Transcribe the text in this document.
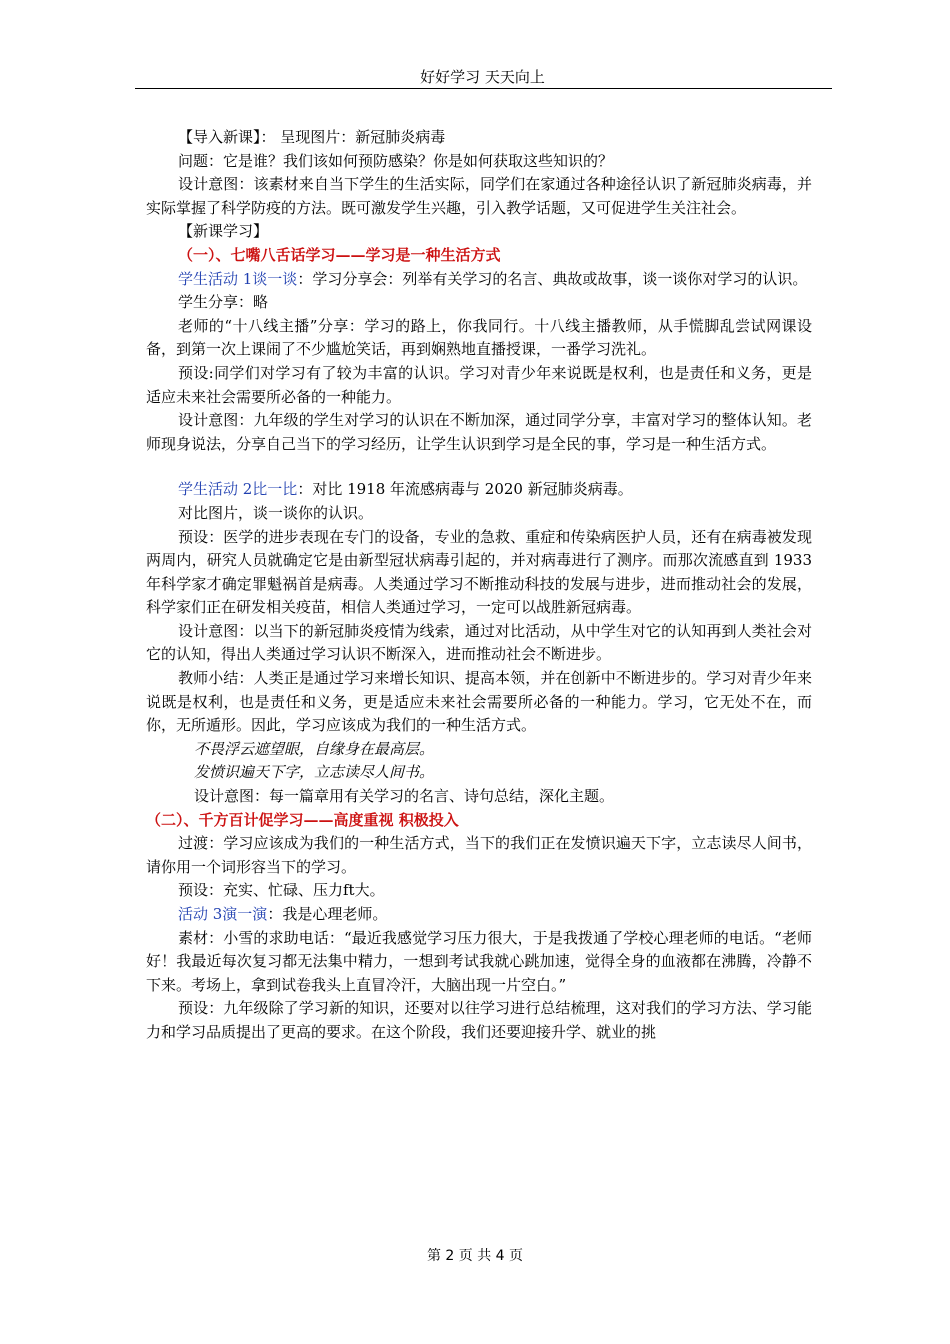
好好学习 天天向上

【导入新课】： 呈现图片：新冠肺炎病毒

问题：它是谁？我们该如何预防感染？你是如何获取这些知识的？

设计意图：该素材来自当下学生的生活实际，同学们在家通过各种途径认识了新冠肺炎病毒，并实际掌握了科学防疫的方法。既可激发学生兴趣，引入教学话题，又可促进学生关注社会。

【新课学习】

（一）、七嘴八舌话学习——学习是一种生活方式

学生活动 1谈一谈：学习分享会：列举有关学习的名言、典故或故事，谈一谈你对学习的认识。

学生分享：略

老师的“十八线主播”分享：学习的路上，你我同行。十八线主播教师，从手慌脚乱尝试网课设备，到第一次上课闹了不少尴尬笑话，再到娴熟地直播授课，一番学习洗礼。

预设:同学们对学习有了较为丰富的认识。学习对青少年来说既是权利，也是责任和义务，更是适应未来社会需要所必备的一种能力。

设计意图：九年级的学生对学习的认识在不断加深，通过同学分享，丰富对学习的整体认知。老师现身说法，分享自己当下的学习经历，让学生认识到学习是全民的事，学习是一种生活方式。

学生活动 2比一比：对比 1918 年流感病毒与 2020 新冠肺炎病毒。

对比图片，谈一谈你的认识。

预设：医学的进步表现在专门的设备，专业的急救、重症和传染病医护人员，还有在病毒被发现两周内，研究人员就确定它是由新型冠状病毒引起的，并对病毒进行了测序。而那次流感直到 1933 年科学家才确定罪魁祸首是病毒。人类通过学习不断推动科技的发展与进步，进而推动社会的发展，科学家们正在研发相关疫苗，相信人类通过学习，一定可以战胜新冠病毒。

设计意图：以当下的新冠肺炎疫情为线索，通过对比活动，从中学生对它的认知再到人类社会对它的认知，得出人类通过学习认识不断深入，进而推动社会不断进步。

教师小结：人类正是通过学习来增长知识、提高本领，并在创新中不断进步的。学习对青少年来说既是权利，也是责任和义务，更是适应未来社会需要所必备的一种能力。学习，它无处不在，而你，无所遁形。因此，学习应该成为我们的一种生活方式。

不畏浮云遮望眼，自缘身在最高层。

发愤识遍天下字，立志读尽人间书。

设计意图：每一篇章用有关学习的名言、诗句总结，深化主题。

（二）、千方百计促学习——高度重视 积极投入

过渡：学习应该成为我们的一种生活方式，当下的我们正在发愤识遍天下字，立志读尽人间书，请你用一个词形容当下的学习。

预设：充实、忙碌、压力ft大。

活动 3演一演：我是心理老师。

素材：小雪的求助电话：“最近我感觉学习压力很大，于是我拨通了学校心理老师的电话。“老师好！我最近每次复习都无法集中精力，一想到考试我就心跳加速，觉得全身的血液都在沸腾，冷静不下来。考场上，拿到试卷我头上直冒冷汗，大脑出现一片空白。”

预设：九年级除了学习新的知识，还要对以往学习进行总结梳理，这对我们的学习方法、学习能力和学习品质提出了更高的要求。在这个阶段，我们还要迎接升学、就业的挑

第 2 页 共 4 页
